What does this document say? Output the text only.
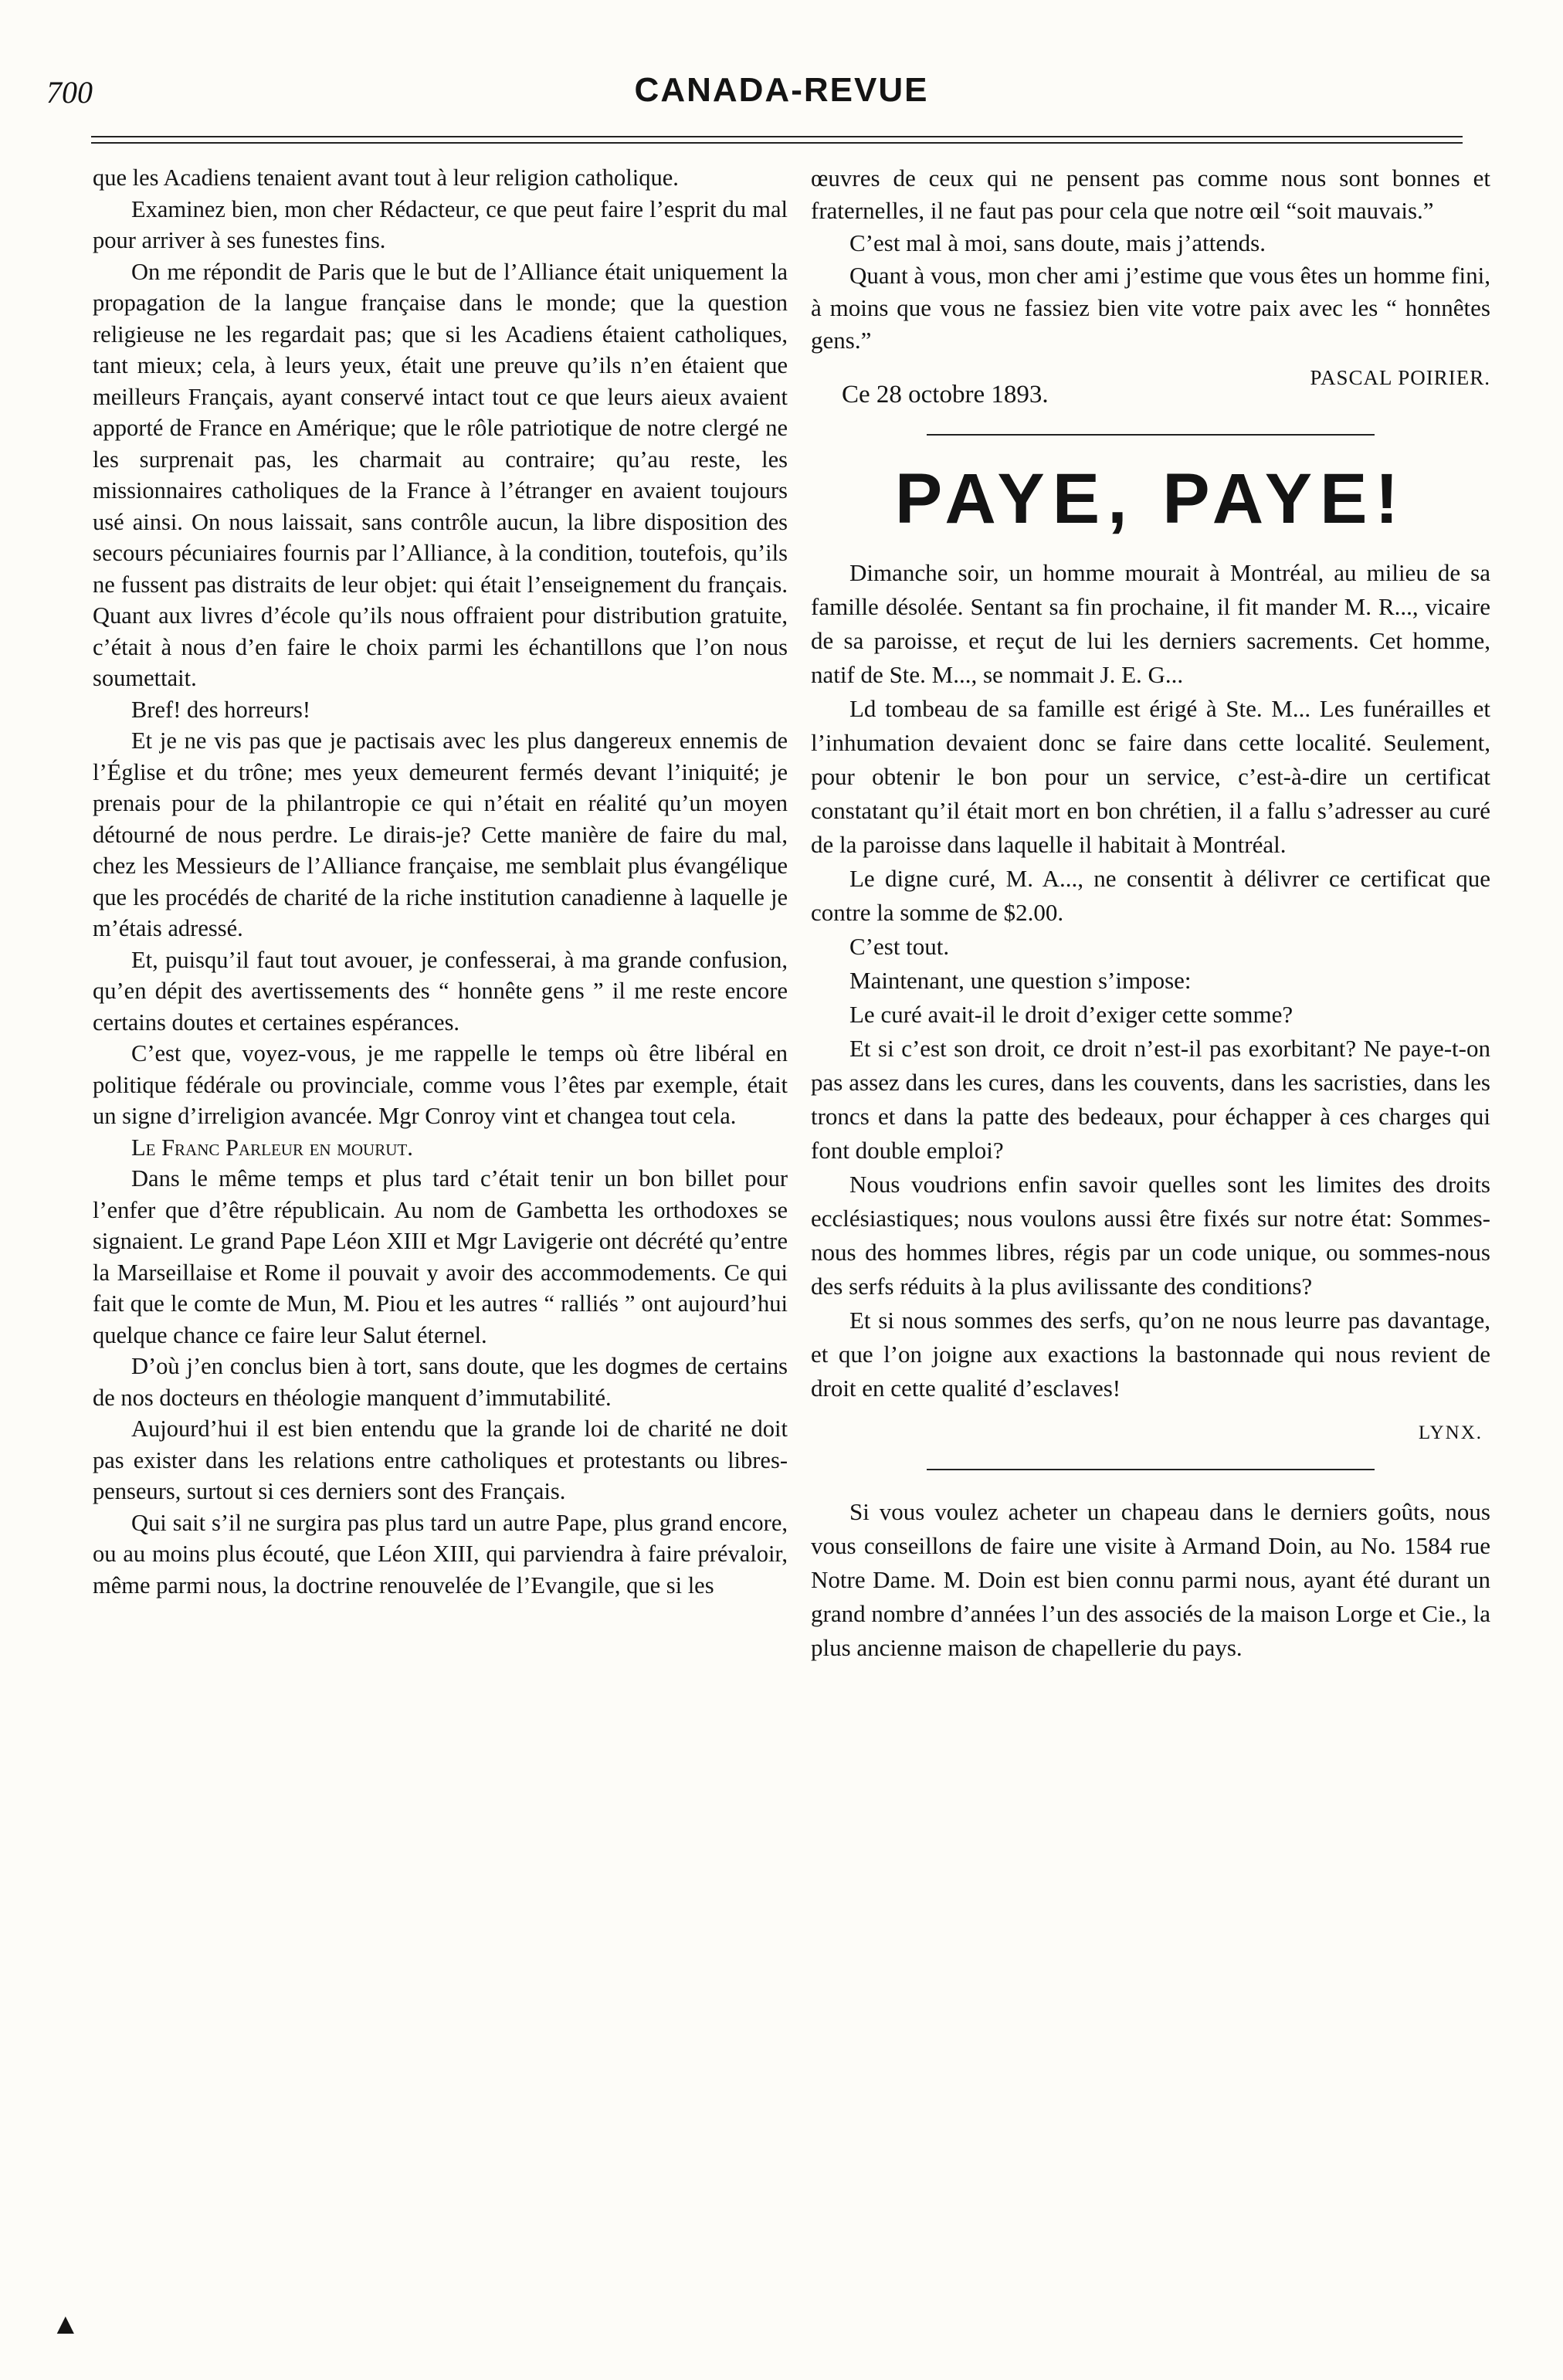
700	CANADA-REVUE

que les Acadiens tenaient avant tout à leur religion catholique.

Examinez bien, mon cher Rédacteur, ce que peut faire l’esprit du mal pour arriver à ses funestes fins.

On me répondit de Paris que le but de l’Alliance était uniquement la propagation de la langue française dans le monde; que la question religieuse ne les regardait pas; que si les Acadiens étaient catholiques, tant mieux; cela, à leurs yeux, était une preuve qu’ils n’en étaient que meilleurs Français, ayant conservé intact tout ce que leurs aieux avaient apporté de France en Amérique; que le rôle patriotique de notre clergé ne les surprenait pas, les charmait au contraire; qu’au reste, les missionnaires catholiques de la France à l’étranger en avaient toujours usé ainsi. On nous laissait, sans contrôle aucun, la libre disposition des secours pécuniaires fournis par l’Alliance, à la condition, toutefois, qu’ils ne fussent pas distraits de leur objet: qui était l’enseignement du français. Quant aux livres d’école qu’ils nous offraient pour distribution gratuite, c’était à nous d’en faire le choix parmi les échantillons que l’on nous soumettait.

Bref! des horreurs!

Et je ne vis pas que je pactisais avec les plus dangereux ennemis de l’Église et du trône; mes yeux demeurent fermés devant l’iniquité; je prenais pour de la philantropie ce qui n’était en réalité qu’un moyen détourné de nous perdre. Le dirais-je? Cette manière de faire du mal, chez les Messieurs de l’Alliance française, me semblait plus évangélique que les procédés de charité de la riche institution canadienne à laquelle je m’étais adressé.

Et, puisqu’il faut tout avouer, je confesserai, à ma grande confusion, qu’en dépit des avertissements des “ honnête gens ” il me reste encore certains doutes et certaines espérances.

C’est que, voyez-vous, je me rappelle le temps où être libéral en politique fédérale ou provinciale, comme vous l’êtes par exemple, était un signe d’irreligion avancée. Mgr Conroy vint et changea tout cela.

Le Franc Parleur en mourut.

Dans le même temps et plus tard c’était tenir un bon billet pour l’enfer que d’être républicain. Au nom de Gambetta les orthodoxes se signaient. Le grand Pape Léon XIII et Mgr Lavigerie ont décrété qu’entre la Marseillaise et Rome il pouvait y avoir des accommodements. Ce qui fait que le comte de Mun, M. Piou et les autres “ ralliés ” ont aujourd’hui quelque chance ce faire leur Salut éternel.

D’où j’en conclus bien à tort, sans doute, que les dogmes de certains de nos docteurs en théologie manquent d’immutabilité.

Aujourd’hui il est bien entendu que la grande loi de charité ne doit pas exister dans les relations entre catholiques et protestants ou libres-penseurs, surtout si ces derniers sont des Français.

Qui sait s’il ne surgira pas plus tard un autre Pape, plus grand encore, ou au moins plus écouté, que Léon XIII, qui parviendra à faire prévaloir, même parmi nous, la doctrine renouvelée de l’Evangile, que si les

œuvres de ceux qui ne pensent pas comme nous sont bonnes et fraternelles, il ne faut pas pour cela que notre œil “soit mauvais.”

C’est mal à moi, sans doute, mais j’attends.

Quant à vous, mon cher ami j’estime que vous êtes un homme fini, à moins que vous ne fassiez bien vite votre paix avec les “ honnêtes gens.”

PASCAL POIRIER.
Ce 28 octobre 1893.
PAYE, PAYE!

Dimanche soir, un homme mourait à Montréal, au milieu de sa famille désolée. Sentant sa fin prochaine, il fit mander M. R..., vicaire de sa paroisse, et reçut de lui les derniers sacrements. Cet homme, natif de Ste. M..., se nommait J. E. G...

Ld tombeau de sa famille est érigé à Ste. M... Les funérailles et l’inhumation devaient donc se faire dans cette localité. Seulement, pour obtenir le bon pour un service, c’est-à-dire un certificat constatant qu’il était mort en bon chrétien, il a fallu s’adresser au curé de la paroisse dans laquelle il habitait à Montréal.

Le digne curé, M. A..., ne consentit à délivrer ce certificat que contre la somme de $2.00.

C’est tout.

Maintenant, une question s’impose:

Le curé avait-il le droit d’exiger cette somme?

Et si c’est son droit, ce droit n’est-il pas exorbitant? Ne paye-t-on pas assez dans les cures, dans les couvents, dans les sacristies, dans les troncs et dans la patte des bedeaux, pour échapper à ces charges qui font double emploi?

Nous voudrions enfin savoir quelles sont les limites des droits ecclésiastiques; nous voulons aussi être fixés sur notre état: Sommes-nous des hommes libres, régis par un code unique, ou sommes-nous des serfs réduits à la plus avilissante des conditions?

Et si nous sommes des serfs, qu’on ne nous leurre pas davantage, et que l’on joigne aux exactions la bastonnade qui nous revient de droit en cette qualité d’esclaves!

LYNX.

Si vous voulez acheter un chapeau dans le derniers goûts, nous vous conseillons de faire une visite à Armand Doin, au No. 1584 rue Notre Dame. M. Doin est bien connu parmi nous, ayant été durant un grand nombre d’années l’un des associés de la maison Lorge et Cie., la plus ancienne maison de chapellerie du pays.

▲
